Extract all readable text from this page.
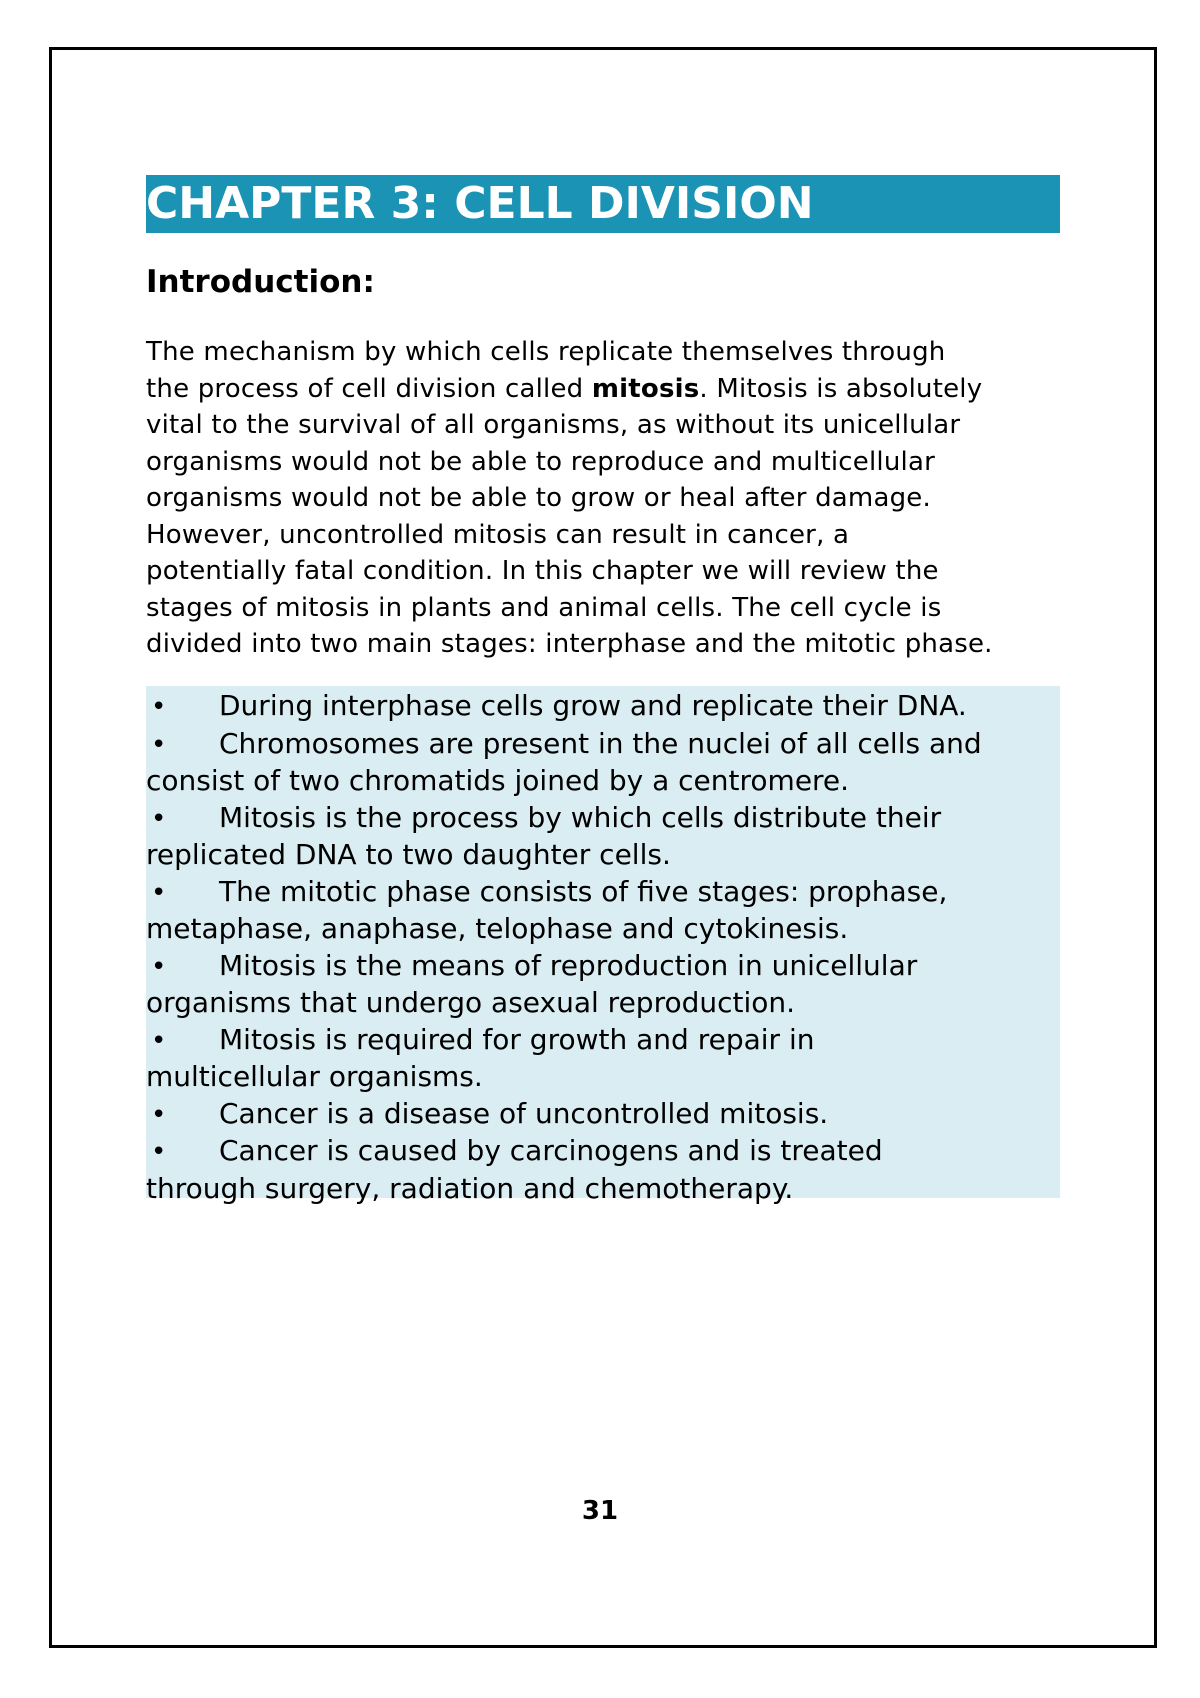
CHAPTER 3: CELL DIVISION
Introduction:

The mechanism by which cells replicate themselves through
the process of cell division called mitosis. Mitosis is absolutely
vital to the survival of all organisms, as without its unicellular
organisms would not be able to reproduce and multicellular
organisms would not be able to grow or heal after damage.
However, uncontrolled mitosis can result in cancer, a
potentially fatal condition. In this chapter we will review the
stages of mitosis in plants and animal cells. The cell cycle is
divided into two main stages: interphase and the mitotic phase.

• During interphase cells grow and replicate their DNA.
• Chromosomes are present in the nuclei of all cells and
consist of two chromatids joined by a centromere.
• Mitosis is the process by which cells distribute their
replicated DNA to two daughter cells.
• The mitotic phase consists of five stages: prophase,
metaphase, anaphase, telophase and cytokinesis.
• Mitosis is the means of reproduction in unicellular
organisms that undergo asexual reproduction.
• Mitosis is required for growth and repair in
multicellular organisms.
• Cancer is a disease of uncontrolled mitosis.
• Cancer is caused by carcinogens and is treated
through surgery, radiation and chemotherapy.
31
